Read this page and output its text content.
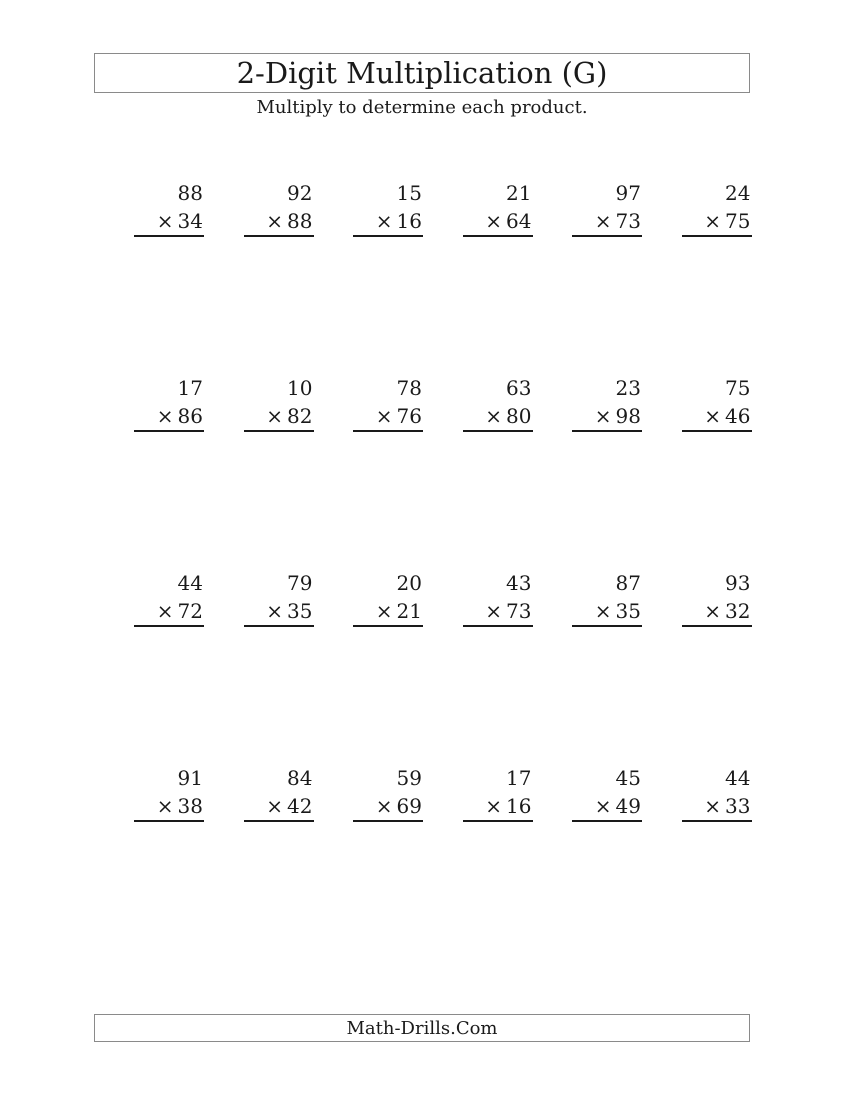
2-Digit Multiplication (G)
Multiply to determine each product.
88
× 34
92
× 88
15
× 16
21
× 64
97
× 73
24
× 75
17
× 86
10
× 82
78
× 76
63
× 80
23
× 98
75
× 46
44
× 72
79
× 35
20
× 21
43
× 73
87
× 35
93
× 32
91
× 38
84
× 42
59
× 69
17
× 16
45
× 49
44
× 33
Math-Drills.Com
